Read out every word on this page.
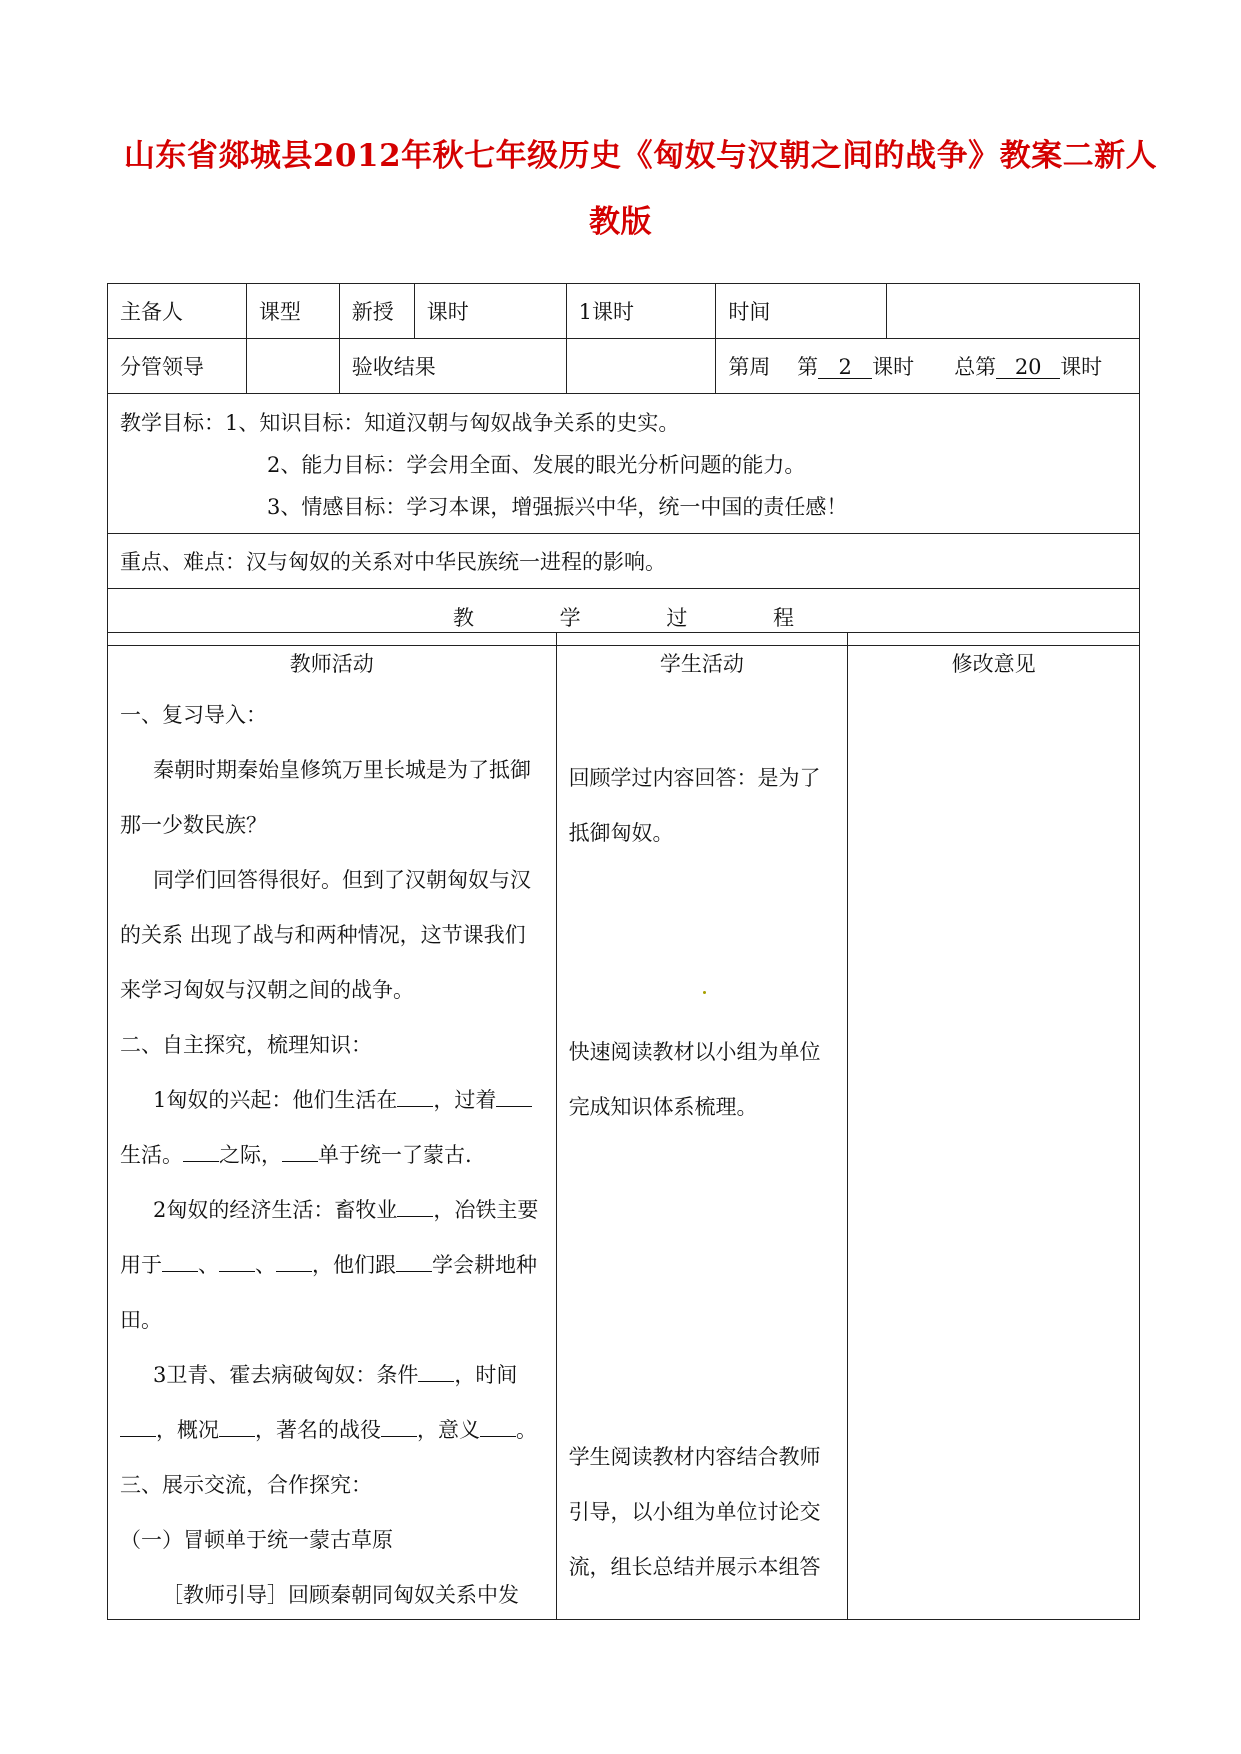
山东省郯城县2012年秋七年级历史《匈奴与汉朝之间的战争》教案二新人
教版
主备人	课型	新授	课时	1课时	时间	
分管领导		验收结果			第周 第 2 课时 总第 20 课时	

教学目标：1、知识目标：知道汉朝与匈奴战争关系的史实。
2、能力目标：学会用全面、发展的眼光分析问题的能力。
3、情感目标：学习本课，增强振兴中华，统一中国的责任感！						

重点、难点：汉与匈奴的关系对中华民族统一进程的影响。						
教 学 过 程						
教师活动
一、复习导入：
秦朝时期秦始皇修筑万里长城是为了抵御
那一少数民族？
同学们回答得很好。但到了汉朝匈奴与汉
的关系 出现了战与和两种情况，这节课我们
来学习匈奴与汉朝之间的战争。
二、自主探究，梳理知识：
1匈奴的兴起：他们生活在 ，过着
生活。 之际， 单于统一了蒙古.
2匈奴的经济生活：畜牧业 ，冶铁主要
用于 、 、 ，他们跟 学会耕地种
田。
3卫青、霍去病破匈奴：条件 ，时间
，概况 ，著名的战役 ，意义 。
三、展示交流，合作探究：
（一）冒顿单于统一蒙古草原
［教师引导］回顾秦朝同匈奴关系中发

学生活动
回顾学过内容回答：是为了
抵御匈奴。
快速阅读教材以小组为单位
完成知识体系梳理。
学生阅读教材内容结合教师
引导，以小组为单位讨论交
流，组长总结并展示本组答

修改意见
